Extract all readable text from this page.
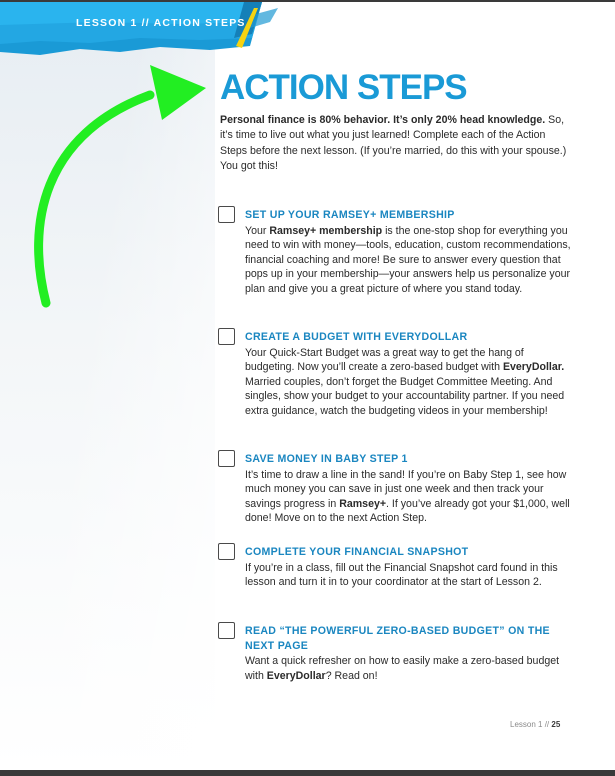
LESSON 1 // ACTION STEPS
ACTION STEPS

Personal finance is 80% behavior. It’s only 20% head knowledge. So, it’s time to live out what you just learned! Complete each of the Action Steps before the next lesson. (If you’re married, do this with your spouse.) You got this!

SET UP YOUR RAMSEY+ MEMBERSHIP
Your Ramsey+ membership is the one-stop shop for everything you need to win with money—tools, education, custom recommendations, financial coaching and more! Be sure to answer every question that pops up in your membership—your answers help us personalize your plan and give you a great picture of where you stand today.
CREATE A BUDGET WITH EVERYDOLLAR
Your Quick-Start Budget was a great way to get the hang of budgeting. Now you’ll create a zero-based budget with EveryDollar. Married couples, don’t forget the Budget Committee Meeting. And singles, show your budget to your accountability partner. If you need extra guidance, watch the budgeting videos in your membership!
SAVE MONEY IN BABY STEP 1
It’s time to draw a line in the sand! If you’re on Baby Step 1, see how much money you can save in just one week and then track your savings progress in Ramsey+. If you’ve already got your $1,000, well done! Move on to the next Action Step.
COMPLETE YOUR FINANCIAL SNAPSHOT
If you’re in a class, fill out the Financial Snapshot card found in this lesson and turn it in to your coordinator at the start of Lesson 2.
READ “THE POWERFUL ZERO-BASED BUDGET” ON THE NEXT PAGE
Want a quick refresher on how to easily make a zero-based budget with EveryDollar? Read on!
Lesson 1 // 25
